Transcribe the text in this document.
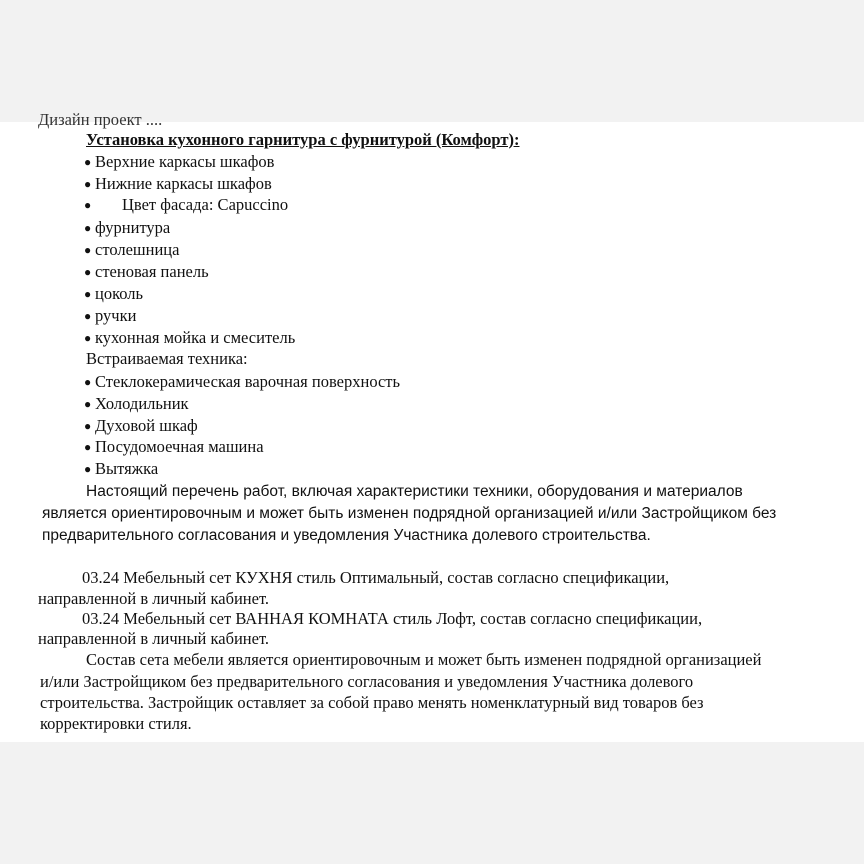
Дизайн проект ....
Установка кухонного гарнитура с фурнитурой (Комфорт):
● Верхние каркасы шкафов
● Нижние каркасы шкафов
● Цвет фасада: Capuccino
● фурнитура
● столешница
● стеновая панель
● цоколь
● ручки
● кухонная мойка и смеситель
Встраиваемая техника:
● Стеклокерамическая варочная поверхность
● Холодильник
● Духовой шкаф
● Посудомоечная машина
● Вытяжка
Настоящий перечень работ, включая характеристики техники, оборудования и материалов
является ориентировочным и может быть изменен подрядной организацией и/или Застройщиком без
предварительного согласования и уведомления Участника долевого строительства.
03.24 Мебельный сет КУХНЯ стиль Оптимальный, состав согласно спецификации,
направленной в личный кабинет.
03.24 Мебельный сет ВАННАЯ КОМНАТА стиль Лофт, состав согласно спецификации,
направленной в личный кабинет.
Состав сета мебели является ориентировочным и может быть изменен подрядной организацией
и/или Застройщиком без предварительного согласования и уведомления Участника долевого
строительства. Застройщик оставляет за собой право менять номенклатурный вид товаров без
корректировки стиля.
